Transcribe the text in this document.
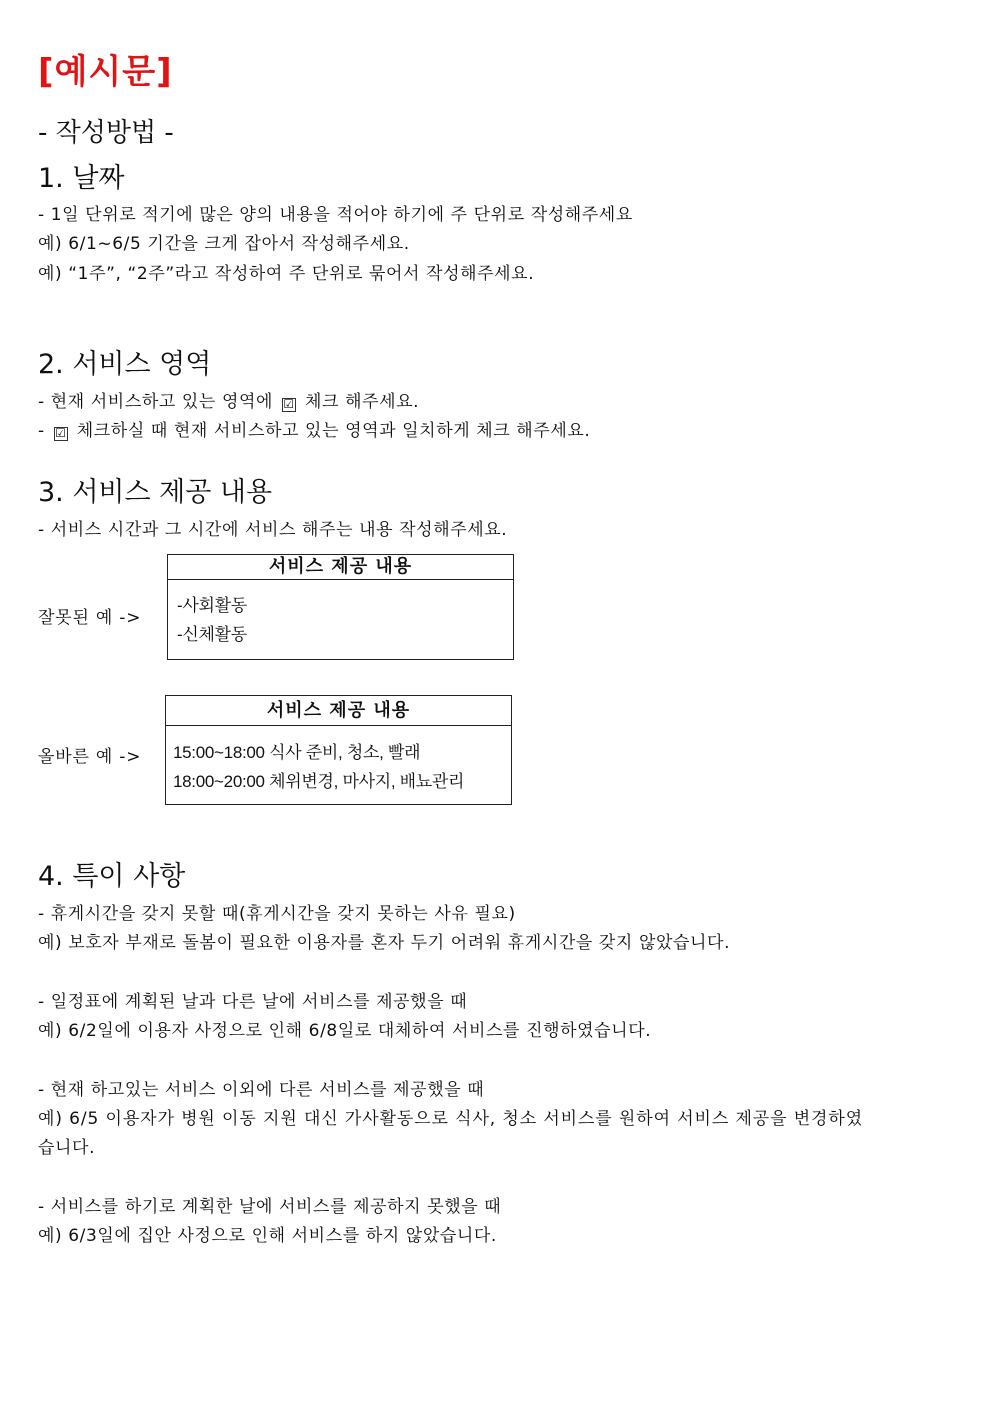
[예시문]
- 작성방법 -
1. 날짜
- 1일 단위로 적기에 많은 양의 내용을 적어야 하기에 주 단위로 작성해주세요
예) 6/1~6/5 기간을 크게 잡아서 작성해주세요.
예) “1주”, “2주”라고 작성하여 주 단위로 묶어서 작성해주세요.
2. 서비스 영역
- 현재 서비스하고 있는 영역에 ☑ 체크 해주세요.
- ☑ 체크하실 때 현재 서비스하고 있는 영역과 일치하게 체크 해주세요.
3. 서비스 제공 내용
- 서비스 시간과 그 시간에 서비스 해주는 내용 작성해주세요.
잘못된 예 ->
서비스 제공 내용
-사회활동
-신체활동
올바른 예 ->
서비스 제공 내용
15:00~18:00 식사 준비, 청소, 빨래
18:00~20:00 체위변경, 마사지, 배뇨관리
4. 특이 사항
- 휴게시간을 갖지 못할 때(휴게시간을 갖지 못하는 사유 필요)
예) 보호자 부재로 돌봄이 필요한 이용자를 혼자 두기 어려워 휴게시간을 갖지 않았습니다.
- 일정표에 계획된 날과 다른 날에 서비스를 제공했을 때
예) 6/2일에 이용자 사정으로 인해 6/8일로 대체하여 서비스를 진행하였습니다.
- 현재 하고있는 서비스 이외에 다른 서비스를 제공했을 때
예) 6/5 이용자가 병원 이동 지원 대신 가사활동으로 식사, 청소 서비스를 원하여 서비스 제공을 변경하였
습니다.
- 서비스를 하기로 계획한 날에 서비스를 제공하지 못했을 때
예) 6/3일에 집안 사정으로 인해 서비스를 하지 않았습니다.
